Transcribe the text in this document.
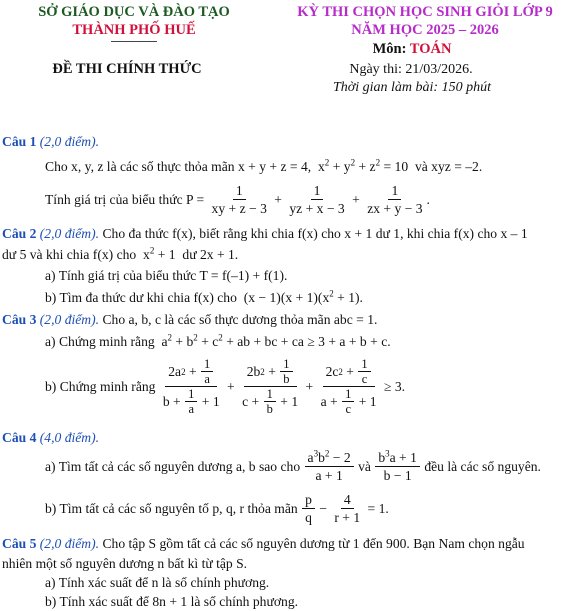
SỞ GIÁO DỤC VÀ ĐÀO TẠO
THÀNH PHỐ HUẾ
KỲ THI CHỌN HỌC SINH GIỎI LỚP 9
NĂM HỌC 2025 – 2026
Môn: TOÁN
ĐỀ THI CHÍNH THỨC	Ngày thi: 21/03/2026.
Thời gian làm bài: 150 phút
Câu 1 (2,0 điểm).
Cho x, y, z là các số thực thỏa mãn x + y + z = 4,  $x^2 + y^2 + z^2 = 10$  và xyz = –2.
Tính giá trị của biểu thức P =
$\frac{1}{xy + z - 3} + \frac{1}{yz + x - 3} + \frac{1}{zx + y - 3}$ .
Câu 2 (2,0 điểm). Cho đa thức f(x), biết rằng khi chia f(x) cho x + 1 dư 1, khi chia f(x) cho x – 1
dư 5 và khi chia f(x) cho  $x^2 + 1$  dư 2x + 1.
a) Tính giá trị của biểu thức T = f(–1) + f(1).
b) Tìm đa thức dư khi chia f(x) cho  $(x - 1)(x + 1)(x^2 + 1)$.
Câu 3 (2,0 điểm). Cho a, b, c là các số thực dương thỏa mãn abc = 1.
a) Chứng minh rằng  $a^2 + b^2 + c^2$ + ab + bc + ca ≥ 3 + a + b + c.
b) Chứng minh rằng
$\frac{2a 2 + \frac{1}{a}}{b + \frac{1}{a} + 1} + \frac{2b 2 + \frac{1}{b}}{c + \frac{1}{b} + 1} + \frac{2c 2 + \frac{1}{c}}{a + \frac{1}{c} + 1} \ge 3$.
Câu 4 (4,0 điểm).
a) Tìm tất cả các số nguyên dương a, b sao cho
$\frac{a^3b^2 - 2}{a + 1}$
và
$\frac{b^3a + 1}{b - 1}$
đều là các số nguyên.
b) Tìm tất cả các số nguyên tố p, q, r thỏa mãn
$\frac{p}{q} - \frac{4}{r + 1} = 1$.
Câu 5 (2,0 điểm). Cho tập S gồm tất cả các số nguyên dương từ 1 đến 900. Bạn Nam chọn ngẫu
nhiên một số nguyên dương n bất kì từ tập S.
a) Tính xác suất để n là số chính phương.
b) Tính xác suất để 8n + 1 là số chính phương.
